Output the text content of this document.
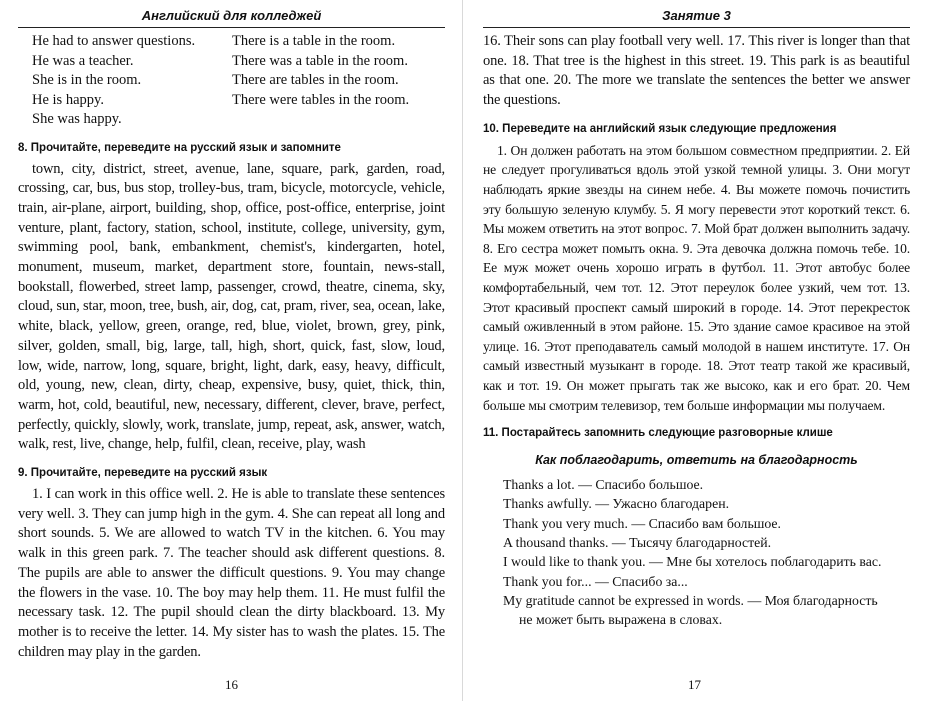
Английский для колледжей
He had to answer questions.
He was a teacher.
She is in the room.
He is happy.
She was happy.
There is a table in the room.
There was a table in the room.
There are tables in the room.
There were tables in the room.
8. Прочитайте, переведите на русский язык и запомните

town, city, district, street, avenue, lane, square, park, garden, road, crossing, car, bus, bus stop, trolley-bus, tram, bicycle, motorcycle, vehicle, train, air-plane, airport, building, shop, office, post-office, enterprise, joint venture, plant, factory, station, school, institute, college, university, gym, swimming pool, bank, embankment, chemist's, kindergarten, hotel, monument, museum, market, department store, fountain, news-stall, bookstall, flowerbed, street lamp, passenger, crowd, theatre, cinema, sky, cloud, sun, star, moon, tree, bush, air, dog, cat, pram, river, sea, ocean, lake, white, black, yellow, green, orange, red, blue, violet, brown, grey, pink, silver, golden, small, big, large, tall, high, short, quick, fast, slow, loud, low, wide, narrow, long, square, bright, light, dark, easy, heavy, difficult, old, young, new, clean, dirty, cheap, expensive, busy, quiet, thick, thin, warm, hot, cold, beautiful, new, necessary, different, clever, brave, perfect, perfectly, quickly, slowly, work, translate, jump, repeat, ask, answer, watch, walk, rest, live, change, help, fulfil, clean, receive, play, wash

9. Прочитайте, переведите на русский язык

1. I can work in this office well. 2. He is able to translate these sentences very well. 3. They can jump high in the gym. 4. She can repeat all long and short sounds. 5. We are allowed to watch TV in the kitchen. 6. You may walk in this green park. 7. The teacher should ask different questions. 8. The pupils are able to answer the difficult questions. 9. You may change the flowers in the vase. 10. The boy may help them. 11. He must fulfil the necessary task. 12. The pupil should clean the dirty blackboard. 13. My mother is to receive the letter. 14. My sister has to wash the plates. 15. The children may play in the garden.

16
Занятие 3

16. Their sons can play football very well. 17. This river is longer than that one. 18. That tree is the highest in this street. 19. This park is as beautiful as that one. 20. The more we translate the sentences the better we answer the questions.

10. Переведите на английский язык следующие предложения

1. Он должен работать на этом большом совместном предприятии. 2. Ей не следует прогуливаться вдоль этой узкой темной улицы. 3. Они могут наблюдать яркие звезды на синем небе. 4. Вы можете помочь почистить эту большую зеленую клумбу. 5. Я могу перевести этот короткий текст. 6. Мы можем ответить на этот вопрос. 7. Мой брат должен выполнить задачу. 8. Его сестра может помыть окна. 9. Эта девочка должна помочь тебе. 10. Ее муж может очень хорошо играть в футбол. 11. Этот автобус более комфортабельный, чем тот. 12. Этот переулок более узкий, чем тот. 13. Этот красивый проспект самый широкий в городе. 14. Этот перекресток самый оживленный в этом районе. 15. Это здание самое красивое на этой улице. 16. Этот преподаватель самый молодой в нашем институте. 17. Он самый известный музыкант в городе. 18. Этот театр такой же красивый, как и тот. 19. Он может прыгать так же высоко, как и его брат. 20. Чем больше мы смотрим телевизор, тем больше информации мы получаем.

11. Постарайтесь запомнить следующие разговорные клише
Как поблагодарить, ответить на благодарность
Thanks a lot. — Спасибо большое.
Thanks awfully. — Ужасно благодарен.
Thank you very much. — Спасибо вам большое.
A thousand thanks. — Тысячу благодарностей.
I would like to thank you. — Мне бы хотелось поблагодарить вас.
Thank you for... — Спасибо за...
My gratitude cannot be expressed in words. — Моя благодарность
не может быть выражена в словах.
17
